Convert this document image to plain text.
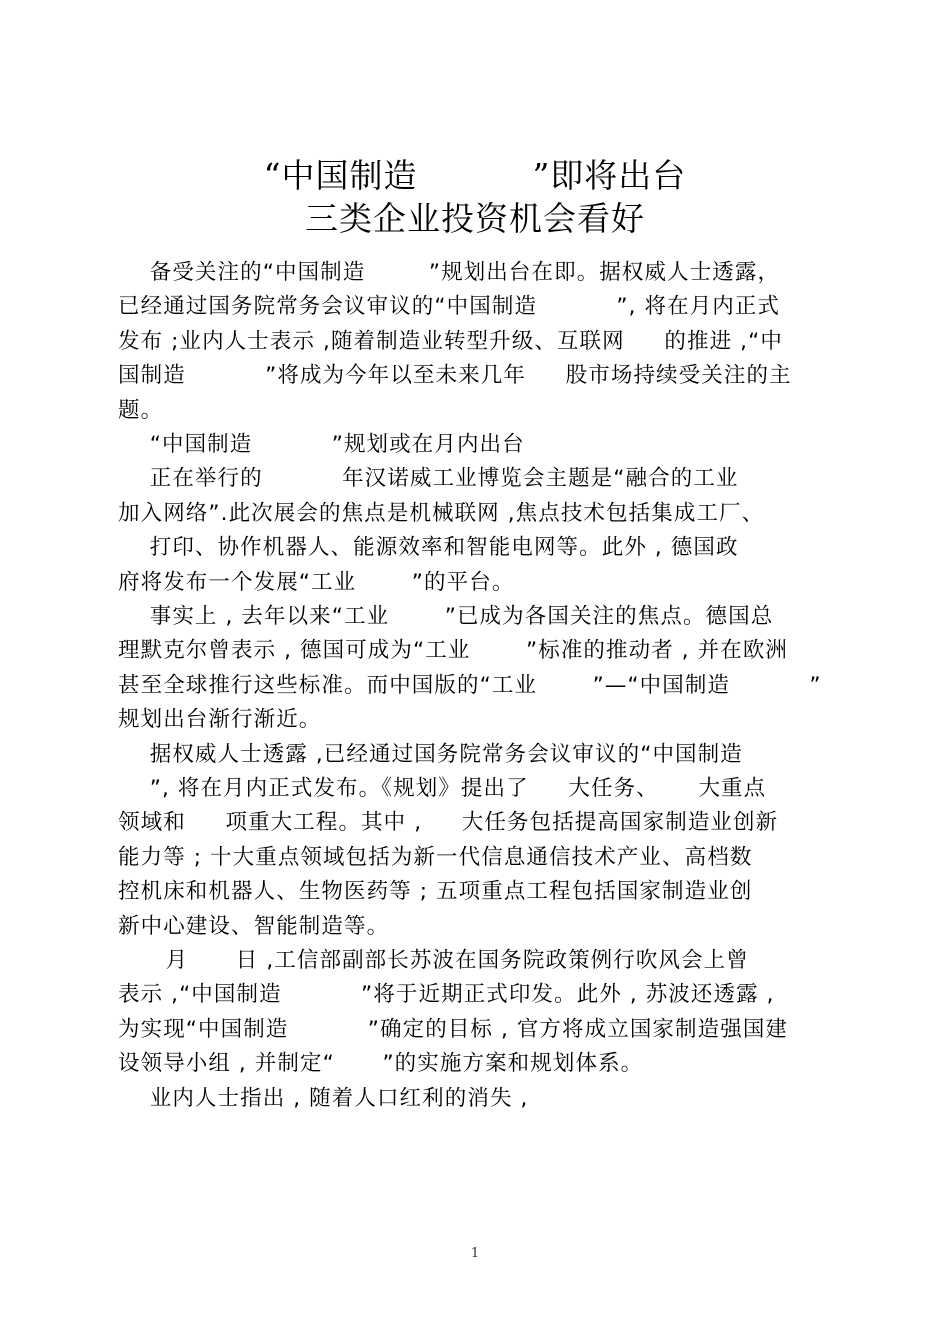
“中国制造          ”即将出台
三类企业投资机会看好
备受关注的“中国制造        ”规划出台在即。据权威人士透露，
已经通过国务院常务会议审议的“中国制造          ”, 将在月内正式
发布 ;业内人士表示 ,随着制造业转型升级、互联网     的推进 ,“中
国制造          ”将成为今年以至未来几年     股市场持续受关注的主
题。
“中国制造          ”规划或在月内出台
正在举行的          年汉诺威工业博览会主题是“融合的工业
加入网络”.此次展会的焦点是机械联网 ,焦点技术包括集成工厂、
打印、协作机器人、能源效率和智能电网等。此外 , 德国政
府将发布一个发展“工业       ”的平台。
事实上 , 去年以来“工业       ”已成为各国关注的焦点。德国总
理默克尔曾表示 , 德国可成为“工业       ”标准的推动者 , 并在欧洲
甚至全球推行这些标准。而中国版的“工业       ”—“中国制造          ”
规划出台渐行渐近。
据权威人士透露 ,已经通过国务院常务会议审议的“中国制造
”, 将在月内正式发布。《规划》提出了     大任务、     大重点
领域和     项重大工程。其中 ,     大任务包括提高国家制造业创新
能力等 ; 十大重点领域包括为新一代信息通信技术产业、高档数
控机床和机器人、生物医药等 ; 五项重点工程包括国家制造业创
新中心建设、智能制造等。
月      日 ,工信部副部长苏波在国务院政策例行吹风会上曾
表示 ,“中国制造          ”将于近期正式印发。此外 , 苏波还透露 ,
为实现“中国制造          ”确定的目标 , 官方将成立国家制造强国建
设领导小组 , 并制定“      ”的实施方案和规划体系。
业内人士指出 , 随着人口红利的消失 ,
1
